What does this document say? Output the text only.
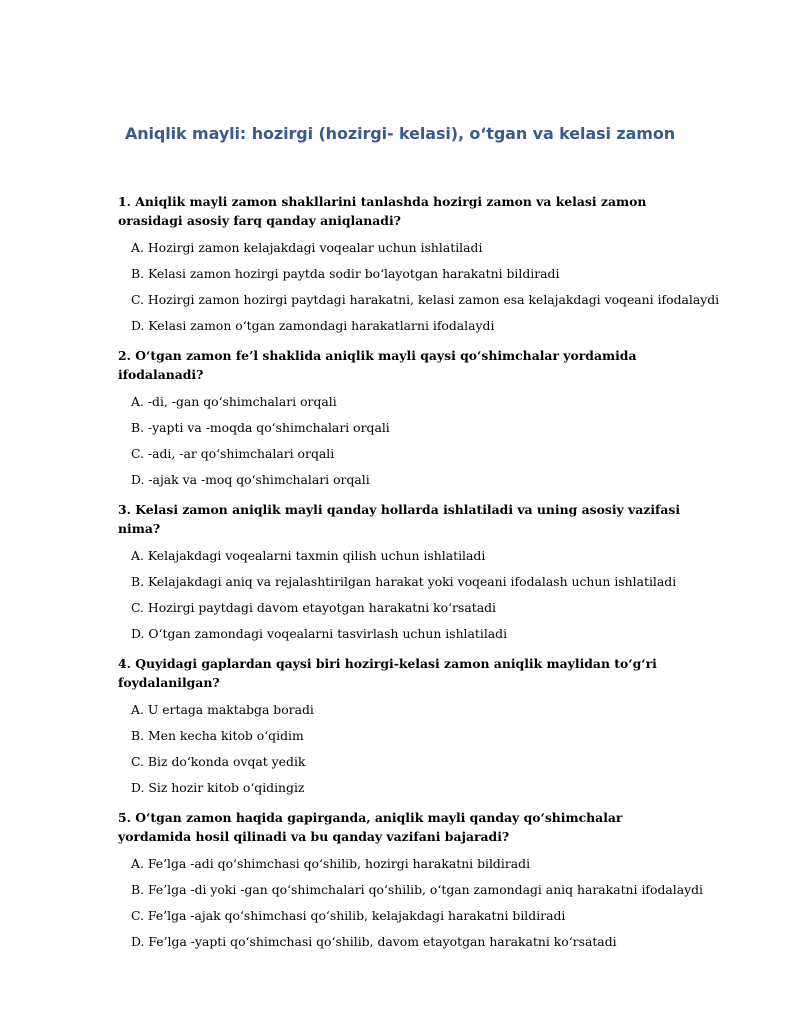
Aniqlik mayli: hozirgi (hozirgi- kelasi), o‘tgan va kelasi zamon
1. Aniqlik mayli zamon shakllarini tanlashda hozirgi zamon va kelasi zamon orasidagi asosiy farq qanday aniqlanadi?
A. Hozirgi zamon kelajakdagi voqealar uchun ishlatiladi
B. Kelasi zamon hozirgi paytda sodir bo‘layotgan harakatni bildiradi
C. Hozirgi zamon hozirgi paytdagi harakatni, kelasi zamon esa kelajakdagi voqeani ifodalaydi
D. Kelasi zamon o‘tgan zamondagi harakatlarni ifodalaydi
2. O‘tgan zamon fe’l shaklida aniqlik mayli qaysi qo‘shimchalar yordamida ifodalanadi?
A. -di, -gan qo‘shimchalari orqali
B. -yapti va -moqda qo‘shimchalari orqali
C. -adi, -ar qo‘shimchalari orqali
D. -ajak va -moq qo‘shimchalari orqali
3. Kelasi zamon aniqlik mayli qanday hollarda ishlatiladi va uning asosiy vazifasi nima?
A. Kelajakdagi voqealarni taxmin qilish uchun ishlatiladi
B. Kelajakdagi aniq va rejalashtirilgan harakat yoki voqeani ifodalash uchun ishlatiladi
C. Hozirgi paytdagi davom etayotgan harakatni ko‘rsatadi
D. O‘tgan zamondagi voqealarni tasvirlash uchun ishlatiladi
4. Quyidagi gaplardan qaysi biri hozirgi-kelasi zamon aniqlik maylidan to‘g‘ri foydalanilgan?
A. U ertaga maktabga boradi
B. Men kecha kitob o‘qidim
C. Biz do‘konda ovqat yedik
D. Siz hozir kitob o‘qidingiz
5. O‘tgan zamon haqida gapirganda, aniqlik mayli qanday qo‘shimchalar yordamida hosil qilinadi va bu qanday vazifani bajaradi?
A. Fe’lga -adi qo‘shimchasi qo‘shilib, hozirgi harakatni bildiradi
B. Fe’lga -di yoki -gan qo‘shimchalari qo‘shilib, o‘tgan zamondagi aniq harakatni ifodalaydi
C. Fe’lga -ajak qo‘shimchasi qo‘shilib, kelajakdagi harakatni bildiradi
D. Fe’lga -yapti qo‘shimchasi qo‘shilib, davom etayotgan harakatni ko‘rsatadi
